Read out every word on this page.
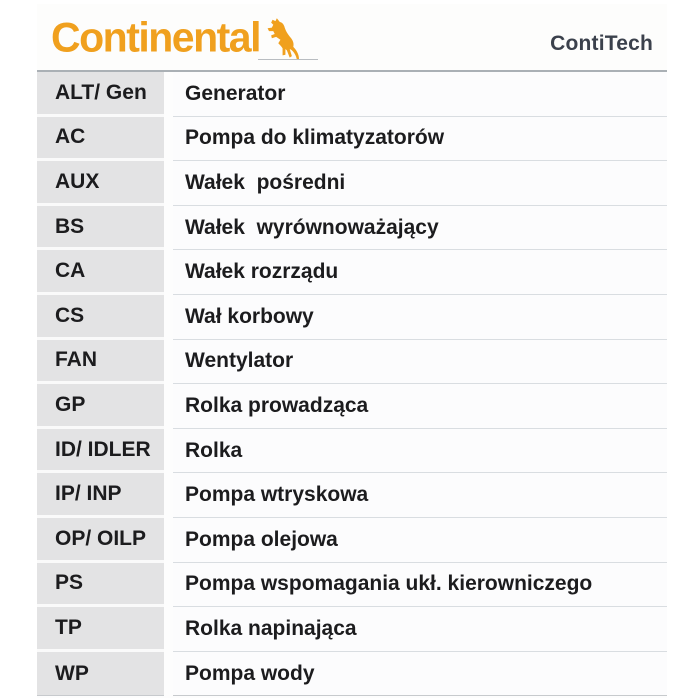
Continental	ContiTech
ALT/ Gen	Generator
AC	Pompa do klimatyzatorów
AUX	Wałek  pośredni
BS	Wałek  wyrównoważający
CA	Wałek rozrządu
CS	Wał korbowy
FAN	Wentylator
GP	Rolka prowadząca
ID/ IDLER	Rolka
IP/ INP	Pompa wtryskowa
OP/ OILP	Pompa olejowa
PS	Pompa wspomagania ukł. kierowniczego
TP	Rolka napinająca
WP	Pompa wody
